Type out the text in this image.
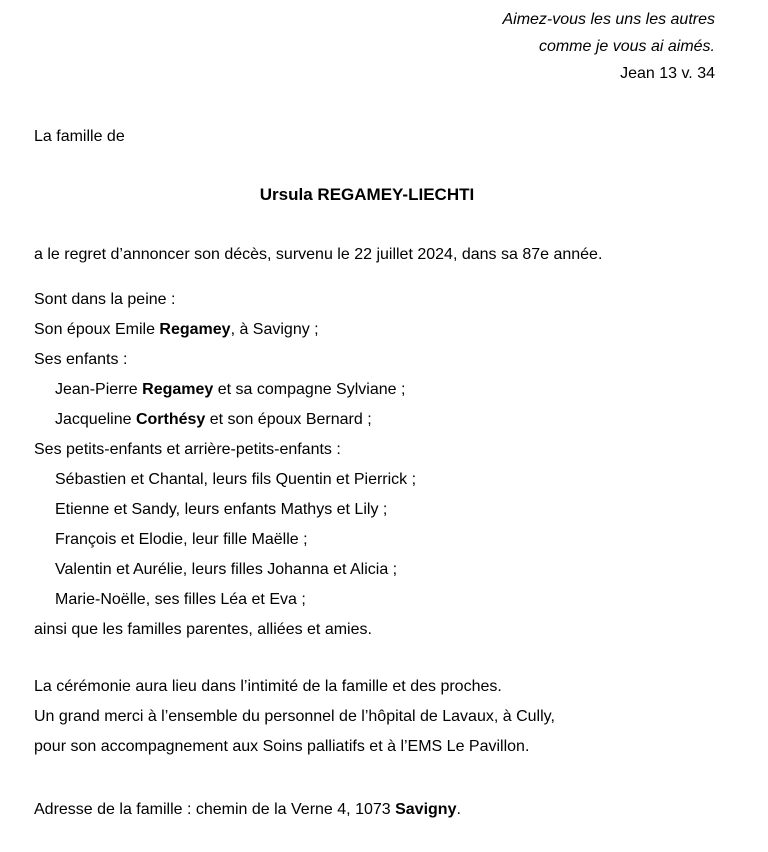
Aimez-vous les uns les autres
comme je vous ai aimés.
Jean 13 v. 34
La famille de
Ursula REGAMEY-LIECHTI
a le regret d’annoncer son décès, survenu le 22 juillet 2024, dans sa 87e année.
Sont dans la peine :
Son époux Emile Regamey, à Savigny ;
Ses enfants :
Jean-Pierre Regamey et sa compagne Sylviane ;
Jacqueline Corthésy et son époux Bernard ;
Ses petits-enfants et arrière-petits-enfants :
Sébastien et Chantal, leurs fils Quentin et Pierrick ;
Etienne et Sandy, leurs enfants Mathys et Lily ;
François et Elodie, leur fille Maëlle ;
Valentin et Aurélie, leurs filles Johanna et Alicia ;
Marie-Noëlle, ses filles Léa et Eva ;
ainsi que les familles parentes, alliées et amies.
La cérémonie aura lieu dans l’intimité de la famille et des proches.
Un grand merci à l’ensemble du personnel de l’hôpital de Lavaux, à Cully,
pour son accompagnement aux Soins palliatifs et à l’EMS Le Pavillon.

Adresse de la famille : chemin de la Verne 4, 1073 Savigny.
